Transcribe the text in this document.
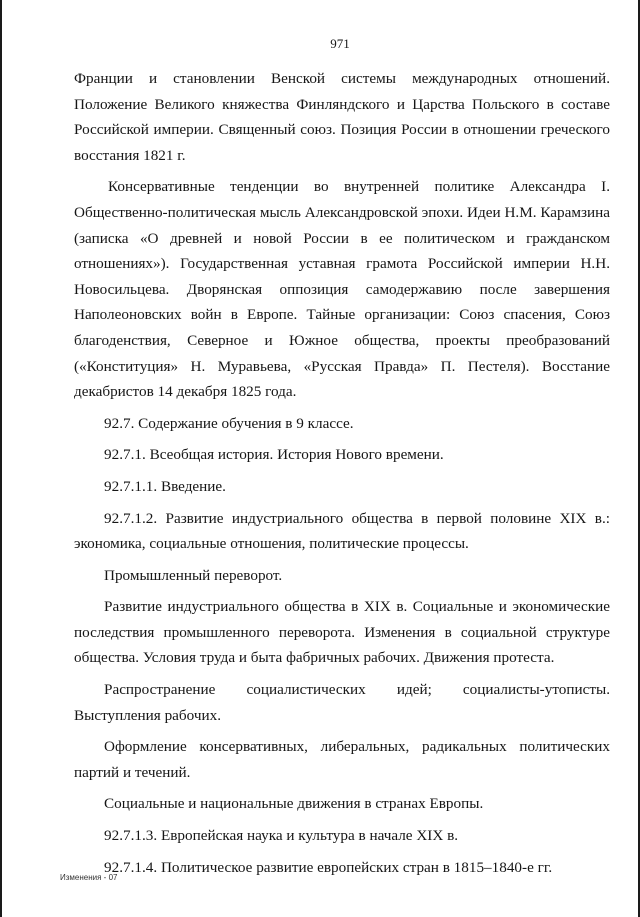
971

Франции и становлении Венской системы международных отношений. Положение Великого княжества Финляндского и Царства Польского в составе Российской империи. Священный союз. Позиция России в отношении греческого восстания 1821 г.

Консервативные тенденции во внутренней политике Александра I. Общественно-политическая мысль Александровской эпохи. Идеи Н.М. Карамзина (записка «О древней и новой России в ее политическом и гражданском отношениях»). Государственная уставная грамота Российской империи Н.Н. Новосильцева. Дворянская оппозиция самодержавию после завершения Наполеоновских войн в Европе. Тайные организации: Союз спасения, Союз благоденствия, Северное и Южное общества, проекты преобразований («Конституция» Н. Муравьева, «Русская Правда» П. Пестеля). Восстание декабристов 14 декабря 1825 года.

92.7. Содержание обучения в 9 классе.

92.7.1. Всеобщая история. История Нового времени.

92.7.1.1. Введение.

92.7.1.2. Развитие индустриального общества в первой половине XIX в.: экономика, социальные отношения, политические процессы.

Промышленный переворот.

Развитие индустриального общества в XIX в. Социальные и экономические последствия промышленного переворота. Изменения в социальной структуре общества. Условия труда и быта фабричных рабочих. Движения протеста.

Распространение социалистических идей; социалисты-утописты. Выступления рабочих.

Оформление консервативных, либеральных, радикальных политических партий и течений.

Социальные и национальные движения в странах Европы.

92.7.1.3. Европейская наука и культура в начале XIX в.

92.7.1.4. Политическое развитие европейских стран в 1815–1840-е гг.

Изменения - 07
